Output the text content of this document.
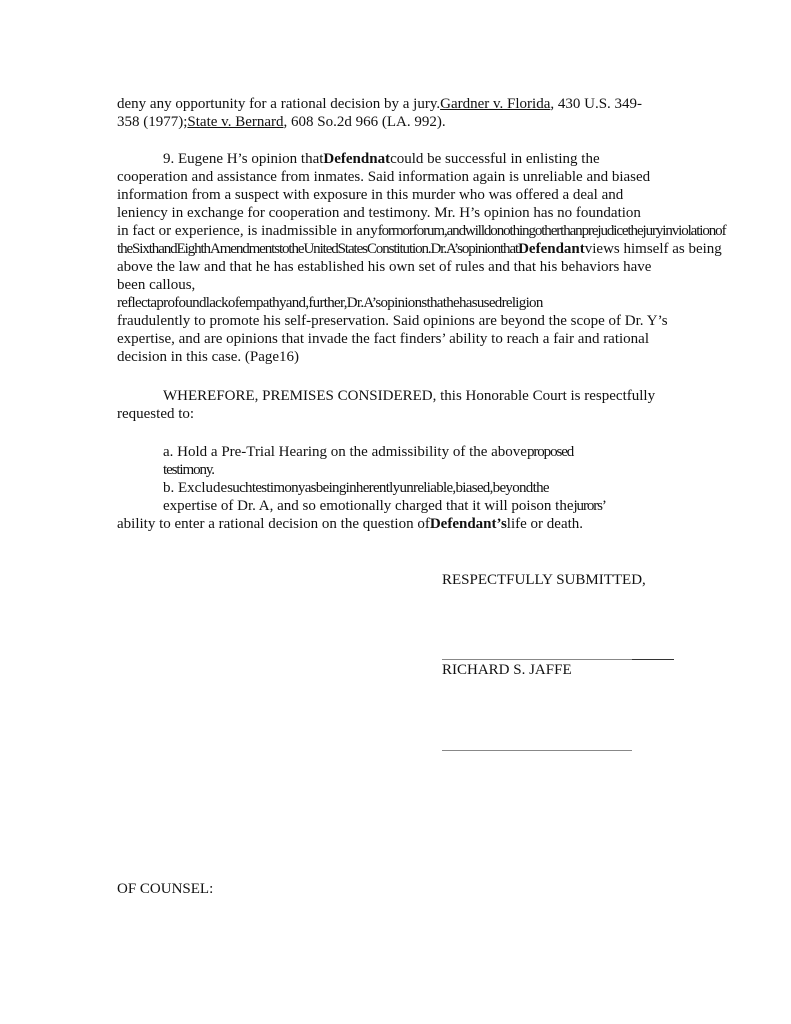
deny any opportunity for a rational decision by a jury.Gardner v. Florida, 430 U.S. 349-
358 (1977);State v. Bernard, 608 So.2d 966 (LA. 992).
9. Eugene H’s opinion thatDefendnatcould be successful in enlisting the
cooperation and assistance from inmates. Said information again is unreliable and biased
information from a suspect with exposure in this murder who was offered a deal and
leniency in exchange for cooperation and testimony. Mr. H’s opinion has no foundation
in fact or experience, is inadmissible in anyformorforum,andwilldonothingotherthanprejudicethejuryinviolationof
theSixthandEighthAmendmentstotheUnitedStatesConstitution.Dr.A’sopinionthatDefendantviews himself as being
above the law and that he has established his own set of rules and that his behaviors have
been callous,
reflectaprofoundlackofempathyand,further,Dr.A’sopinionsthathehasusedreligion
fraudulently to promote his self-preservation. Said opinions are beyond the scope of Dr. Y’s
expertise, and are opinions that invade the fact finders’ ability to reach a fair and rational
decision in this case. (Page16)
WHEREFORE, PREMISES CONSIDERED, this Honorable Court is respectfully
requested to:
a. Hold a Pre-Trial Hearing on the admissibility of the aboveproposed
testimony.
b. Excludesuchtestimonyasbeinginherentlyunreliable,biased,beyondthe
expertise of Dr. A, and so emotionally charged that it will poison thejurors’
ability to enter a rational decision on the question ofDefendant’slife or death.
RESPECTFULLY SUBMITTED,
RICHARD S. JAFFE
OF COUNSEL:
